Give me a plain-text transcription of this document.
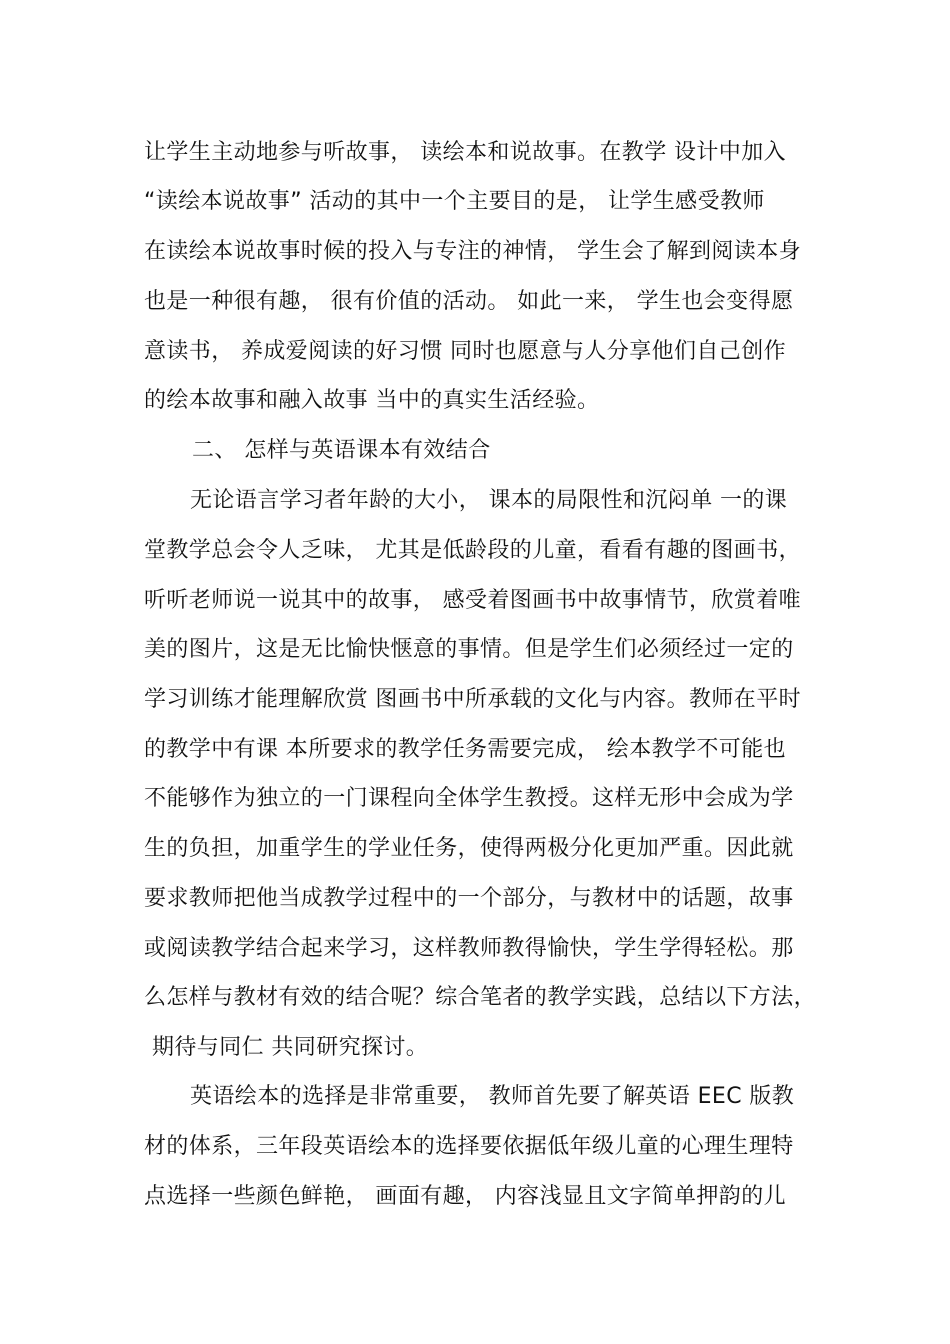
让学生主动地参与听故事， 读绘本和说故事。在教学 设计中加入
“读绘本说故事” 活动的其中一个主要目的是， 让学生感受教师
在读绘本说故事时候的投入与专注的神情， 学生会了解到阅读本身
也是一种很有趣， 很有价值的活动。 如此一来， 学生也会变得愿
意读书， 养成爱阅读的好习惯 同时也愿意与人分享他们自己创作
的绘本故事和融入故事 当中的真实生活经验。
二、 怎样与英语课本有效结合
无论语言学习者年龄的大小， 课本的局限性和沉闷单 一的课
堂教学总会令人乏味， 尤其是低龄段的儿童，看看有趣的图画书，
听听老师说一说其中的故事， 感受着图画书中故事情节，欣赏着唯
美的图片，这是无比愉快惬意的事情。但是学生们必须经过一定的
学习训练才能理解欣赏 图画书中所承载的文化与内容。教师在平时
的教学中有课 本所要求的教学任务需要完成， 绘本教学不可能也
不能够作为独立的一门课程向全体学生教授。这样无形中会成为学
生的负担，加重学生的学业任务，使得两极分化更加严重。因此就
要求教师把他当成教学过程中的一个部分，与教材中的话题，故事
或阅读教学结合起来学习，这样教师教得愉快，学生学得轻松。那
么怎样与教材有效的结合呢？综合笔者的教学实践，总结以下方法，
期待与同仁 共同研究探讨。
英语绘本的选择是非常重要， 教师首先要了解英语 EEC 版教
材的体系，三年段英语绘本的选择要依据低年级儿童的心理生理特
点选择一些颜色鲜艳， 画面有趣， 内容浅显且文字简单押韵的儿
